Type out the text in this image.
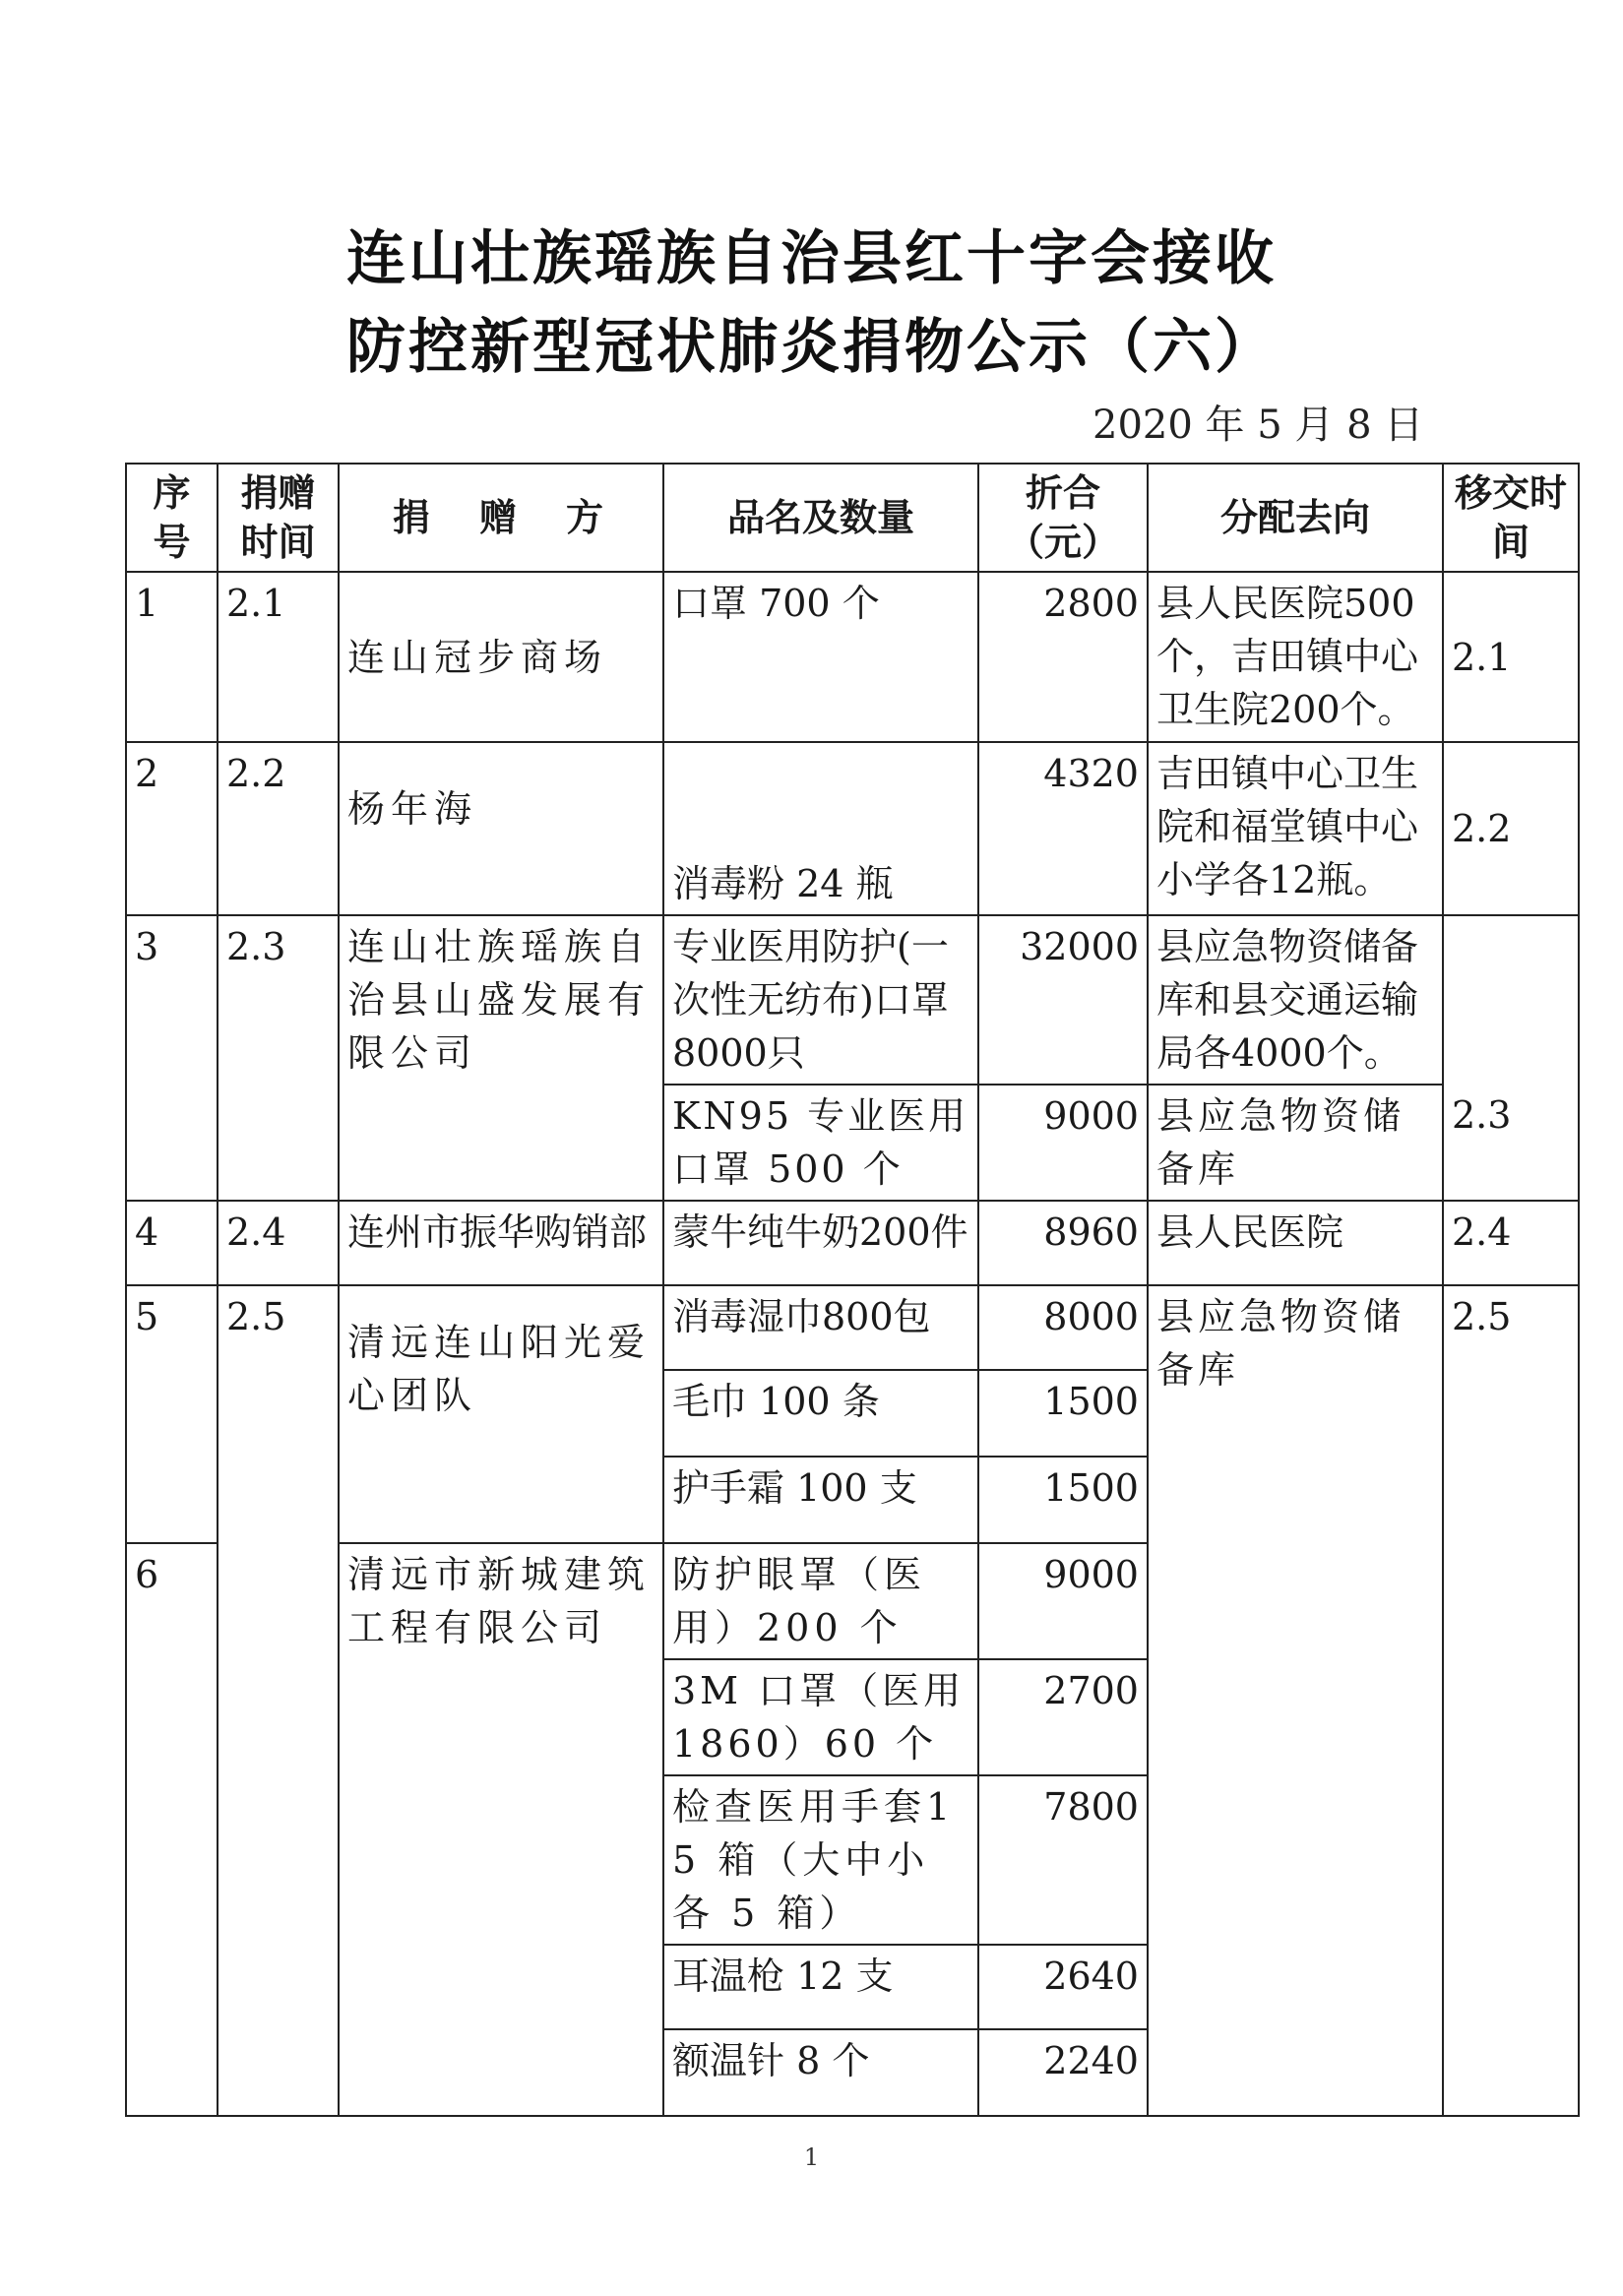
连山壮族瑶族自治县红十字会接收
防控新型冠状肺炎捐物公示（六）
2020 年 5 月 8 日
序号	捐赠时间	捐　赠　方	品名及数量	折合（元）	分配去向	移交时间
1	2.1	连山冠步商场	口罩 700 个	2800	县人民医院500个，吉田镇中心卫生院200个。	2.1
2	2.2	杨年海	消毒粉 24 瓶	4320	吉田镇中心卫生院和福堂镇中心小学各12瓶。	2.2
3	2.3	连山壮族瑶族自治县山盛发展有限公司	专业医用防护(一次性无纺布)口罩8000只	32000	县应急物资储备库和县交通运输局各4000个。	2.3
			KN95 专业医用口罩 500 个	9000	县应急物资储备库	
4	2.4	连州市振华购销部	蒙牛纯牛奶200件	8960	县人民医院	2.4
5	2.5	清远连山阳光爱心团队	消毒湿巾800包	8000	县应急物资储备库	2.5
			毛巾 100 条	1500		
			护手霜 100 支	1500		
6		清远市新城建筑工程有限公司	防护眼罩（医用）200 个	9000		
			3M 口罩（医用1860）60 个	2700		
			检查医用手套15 箱（大中小各 5 箱）	7800		
			耳温枪 12 支	2640		
			额温针 8 个	2240		
1
